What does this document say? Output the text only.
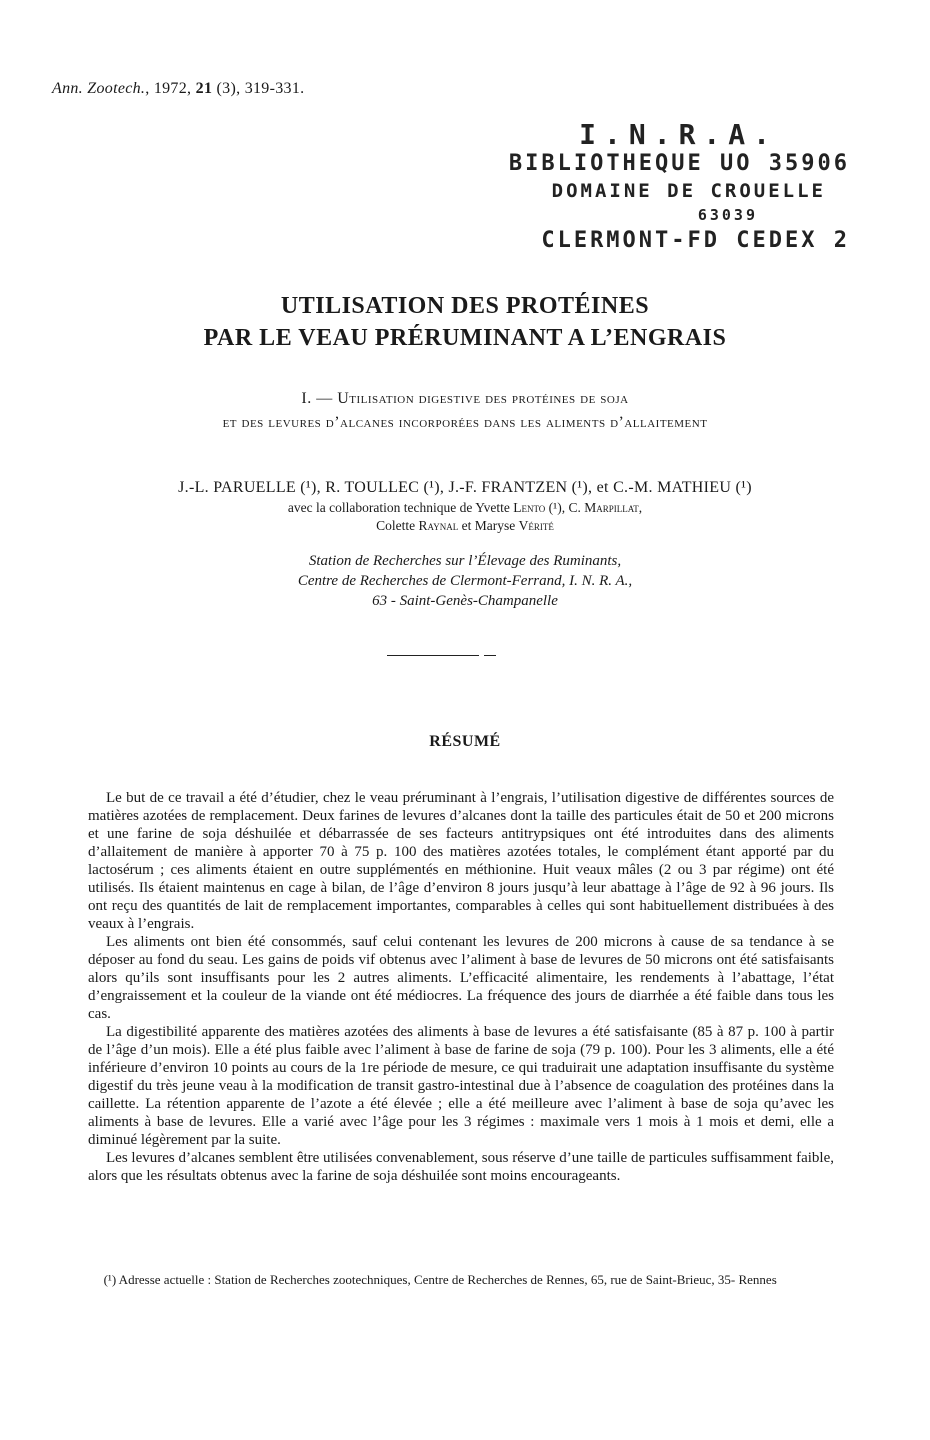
Ann. Zootech., 1972, 21 (3), 319-331.
I.N.R.A.
BIBLIOTHEQUE UO 35906
DOMAINE DE CROUELLE
63039
CLERMONT-FD CEDEX 2
UTILISATION DES PROTÉINES
PAR LE VEAU PRÉRUMINANT A L’ENGRAIS
I. — Utilisation digestive des protéines de soja
et des levures d’alcanes incorporées dans les aliments d’allaitement
J.-L. PARUELLE (¹), R. TOULLEC (¹), J.-F. FRANTZEN (¹), et C.-M. MATHIEU (¹)
avec la collaboration technique de Yvette Lento (¹), C. Marpillat,
Colette Raynal et Maryse Vérité
Station de Recherches sur l’Élevage des Ruminants,
Centre de Recherches de Clermont-Ferrand, I. N. R. A.,
63 - Saint-Genès-Champanelle
RÉSUMÉ

Le but de ce travail a été d’étudier, chez le veau préruminant à l’engrais, l’utilisation digestive de différentes sources de matières azotées de remplacement. Deux farines de levures d’alcanes dont la taille des particules était de 50 et 200 microns et une farine de soja déshuilée et débarrassée de ses facteurs antitrypsiques ont été introduites dans des aliments d’allaitement de manière à apporter 70 à 75 p. 100 des matières azotées totales, le complément étant apporté par du lactosérum ; ces aliments étaient en outre supplémentés en méthionine. Huit veaux mâles (2 ou 3 par régime) ont été utilisés. Ils étaient maintenus en cage à bilan, de l’âge d’environ 8 jours jusqu’à leur abattage à l’âge de 92 à 96 jours. Ils ont reçu des quantités de lait de remplacement importantes, comparables à celles qui sont habituellement distribuées à des veaux à l’engrais.

Les aliments ont bien été consommés, sauf celui contenant les levures de 200 microns à cause de sa tendance à se déposer au fond du seau. Les gains de poids vif obtenus avec l’aliment à base de levures de 50 microns ont été satisfaisants alors qu’ils sont insuffisants pour les 2 autres aliments. L’efficacité alimentaire, les rendements à l’abattage, l’état d’engraissement et la couleur de la viande ont été médiocres. La fréquence des jours de diarrhée a été faible dans tous les cas.

La digestibilité apparente des matières azotées des aliments à base de levures a été satisfaisante (85 à 87 p. 100 à partir de l’âge d’un mois). Elle a été plus faible avec l’aliment à base de farine de soja (79 p. 100). Pour les 3 aliments, elle a été inférieure d’environ 10 points au cours de la 1re période de mesure, ce qui traduirait une adaptation insuffisante du système digestif du très jeune veau à la modification de transit gastro-intestinal due à l’absence de coagulation des protéines dans la caillette. La rétention apparente de l’azote a été élevée ; elle a été meilleure avec l’aliment à base de soja qu’avec les aliments à base de levures. Elle a varié avec l’âge pour les 3 régimes : maximale vers 1 mois à 1 mois et demi, elle a diminué légèrement par la suite.

Les levures d’alcanes semblent être utilisées convenablement, sous réserve d’une taille de particules suffisamment faible, alors que les résultats obtenus avec la farine de soja déshuilée sont moins encourageants.

(¹) Adresse actuelle : Station de Recherches zootechniques, Centre de Recherches de Rennes, 65, rue de Saint-Brieuc, 35- Rennes
